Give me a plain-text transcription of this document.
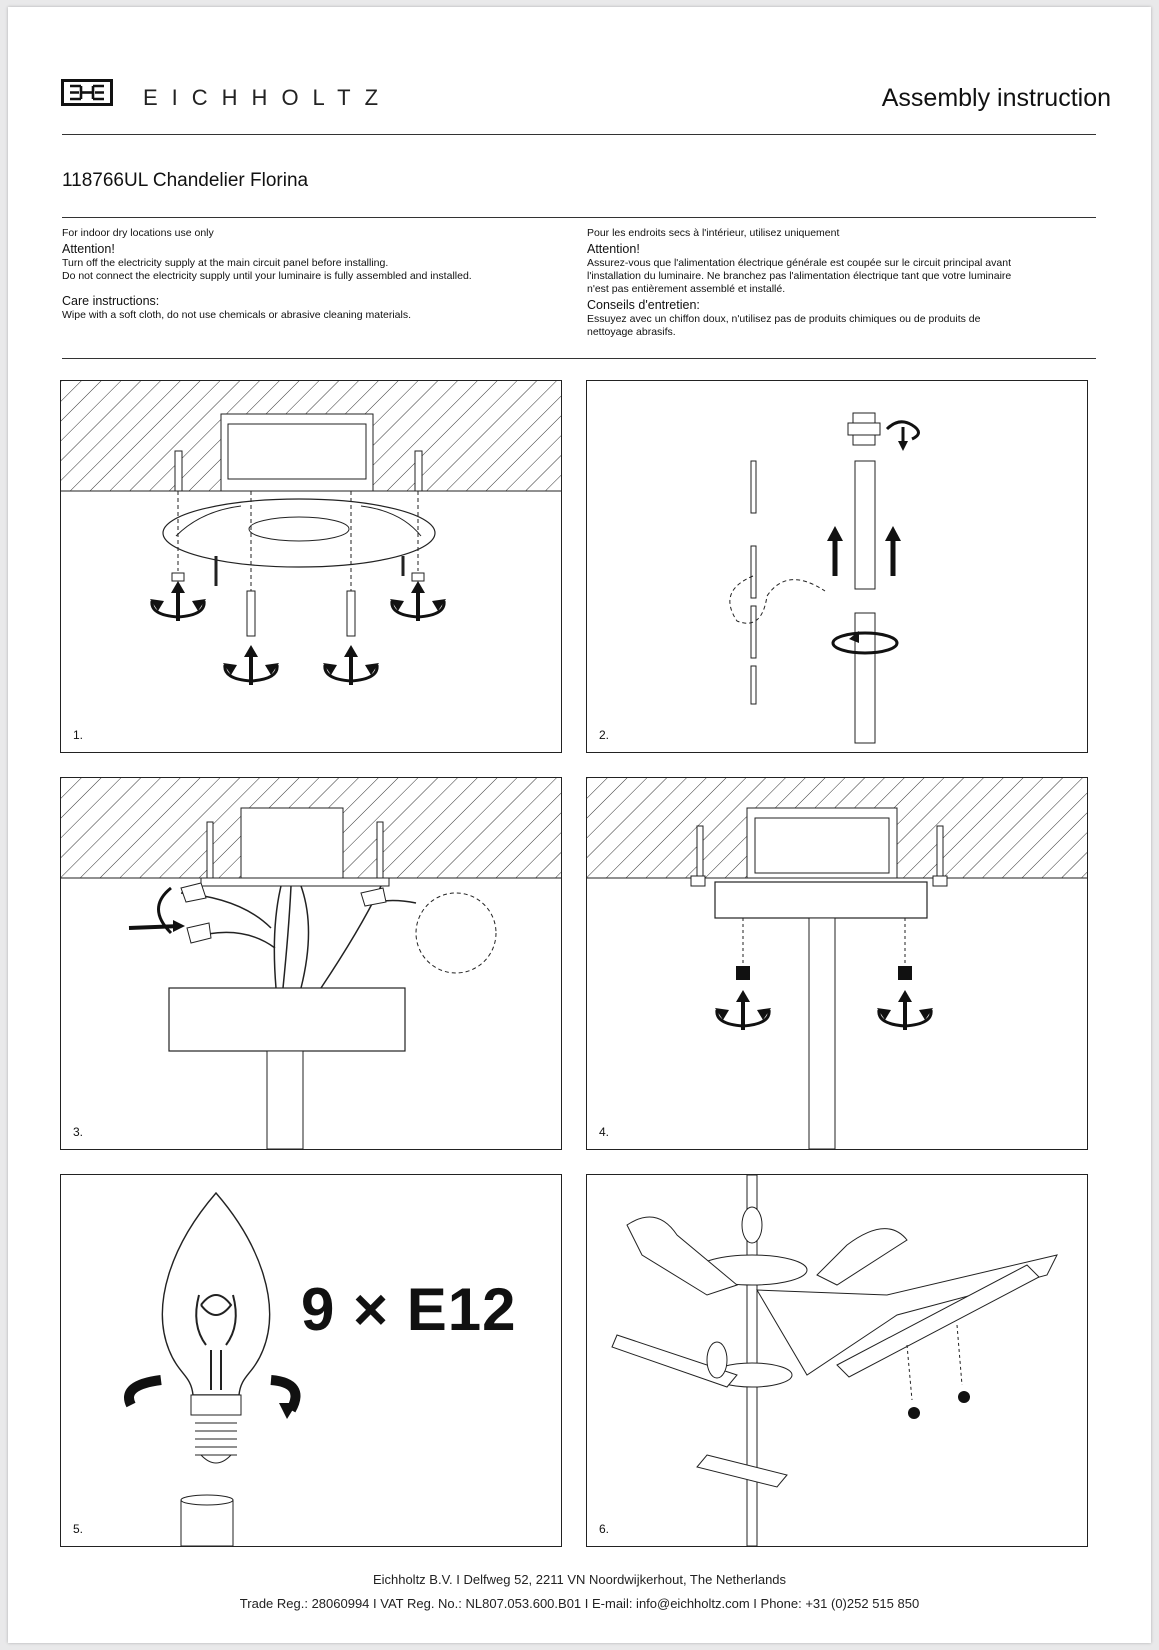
EICHHOLTZ	Assembly instruction
118766UL Chandelier Florina
For indoor dry locations use only
Attention!
Turn off the electricity supply at the main circuit panel before installing.
Do not connect the electricity supply until your luminaire is fully assembled and installed.
Care instructions:
Wipe with a soft cloth, do not use chemicals or abrasive cleaning materials.
Pour les endroits secs à l'intérieur, utilisez uniquement
Attention!
Assurez-vous que l'alimentation électrique générale est coupée sur le circuit principal avant
l'installation du luminaire. Ne branchez pas l'alimentation électrique tant que votre luminaire
n'est pas entièrement assemblé et installé.
Conseils d'entretien:
Essuyez avec un chiffon doux, n'utilisez pas de produits chimiques ou de produits de
nettoyage abrasifs.
1.	2.
3.	4.
9 × E12
5.	6.
Eichholtz B.V. I Delfweg 52, 2211 VN Noordwijkerhout, The Netherlands
Trade Reg.: 28060994 I VAT Reg. No.: NL807.053.600.B01 I E-mail: info@eichholtz.com I Phone: +31 (0)252 515 850
